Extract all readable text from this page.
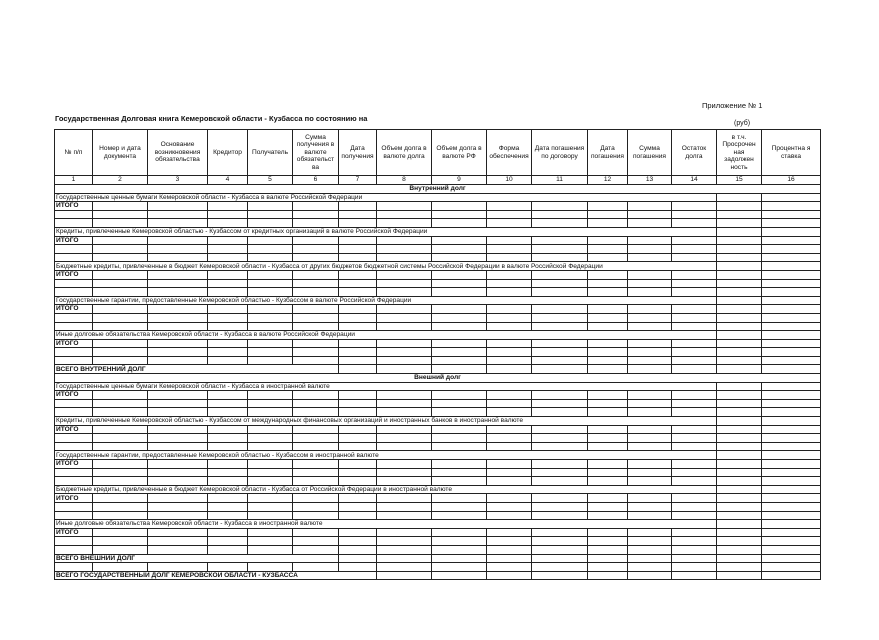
Приложение № 1
Государственная Долговая книга Кемеровской области - Кузбасса по состоянию на
(руб)
№ п/п	Номер и дата документа	Основание возникновения обязательства	Кредитор	Получатель	Сумма получения в валюте обязательст ва	Дата получения	Объем долга в валюте долга	Объем долга в валюте РФ	Форма обеспечения	Дата погашения по договору	Дата погашения	Сумма погашения	Остаток долга	в т.ч. Просрочен ная задолжен ность	Процентна я ставка
1	2	3	4	5	6	7	8	9	10	11	12	13	14	15	16
Внутренний долг															
Государственные ценные бумаги Кемеровской области - Кузбасса в валюте Российской Федерации															
ИТОГО															

Кредиты, привлеченные Кемеровской областью - Кузбассом от кредитных организаций в валюте Российской Федерации															
ИТОГО															

Бюджетные кредиты, привлеченные в бюджет Кемеровской области - Кузбасса от других бюджетов бюджетной системы Российской Федерации в валюте Российской Федерации															
ИТОГО															

Государственные гарантии, предоставленные Кемеровской областью - Кузбассом в валюте Российской Федерации															
ИТОГО															

Иные долговые обязательства Кемеровской области - Кузбасса в валюте Российской Федерации															
ИТОГО															

ВСЕГО ВНУТРЕННИЙ ДОЛГ															
Внешний долг															
Государственные ценные бумаги Кемеровской области - Кузбасса в иностранной валюте															
ИТОГО															

Кредиты, привлеченные Кемеровской областью - Кузбассом от международных финансовых организаций и иностранных банков в иностранной валюте															
ИТОГО															

Государственные гарантии, предоставленные Кемеровской областью - Кузбассом в иностранной валюте															
ИТОГО															

Бюджетные кредиты, привлеченные в бюджет Кемеровской области - Кузбасса от Российской Федерации в иностранной валюте															
ИТОГО															

Иные долговые обязательства Кемеровской области - Кузбасса в иностранной валюте															
ИТОГО															

ВСЕГО ВНЕШНИЙ ДОЛГ															

ВСЕГО ГОСУДАРСТВЕННЫЙ ДОЛГ КЕМЕРОВСКОЙ ОБЛАСТИ - КУЗБАССА															
